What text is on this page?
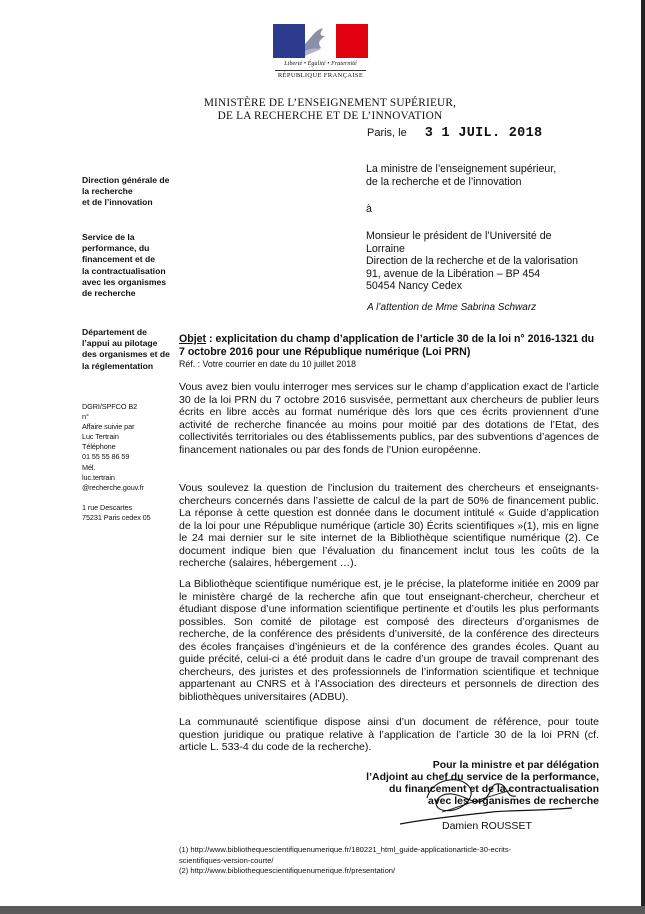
Liberté • Égalité • Fraternité
RÉPUBLIQUE FRANÇAISE
MINISTÈRE DE L’ENSEIGNEMENT SUPÉRIEUR,
DE LA RECHERCHE ET DE L’INNOVATION
Paris, le 3 1 JUIL. 2018
La ministre de l’enseignement supérieur,
de la recherche et de l’innovation
à
Monsieur le président de l’Université de
Lorraine
Direction de la recherche et de la valorisation
91, avenue de la Libération – BP 454
50454 Nancy Cedex
A l’attention de Mme Sabrina Schwarz
Direction générale de
la recherche
et de l’innovation
Service de la
performance, du
financement et de
la contractualisation
avec les organismes
de recherche
Département de
l’appui au pilotage
des organismes et de
la réglementation
DGRI/SPFCO B2
n°
Affaire suivie par
Luc Tertrain
Téléphone
01 55 55 86 59
Mél.
luc.tertrain
@recherche.gouv.fr
1 rue Descartes
75231 Paris cedex 05
Objet : explicitation du champ d’application de l’article 30 de la loi n° 2016-1321 du 7 octobre 2016 pour une République numérique (Loi PRN)
Réf. : Votre courrier en date du 10 juillet 2018
Vous avez bien voulu interroger mes services sur le champ d’application exact de l’article 30 de la loi PRN du 7 octobre 2016 susvisée, permettant aux chercheurs de publier leurs écrits en libre accès au format numérique dès lors que ces écrits proviennent d’une activité de recherche financée au moins pour moitié par des dotations de l’Etat, des collectivités territoriales ou des établissements publics, par des subventions d’agences de financement nationales ou par des fonds de l’Union européenne.
Vous soulevez la question de l’inclusion du traitement des chercheurs et enseignants-chercheurs concernés dans l’assiette de calcul de la part de 50% de financement public. La réponse à cette question est donnée dans le document intitulé « Guide d’application de la loi pour une République numérique (article 30) Écrits scientifiques »(1), mis en ligne le 24 mai dernier sur le site internet de la Bibliothèque scientifique numérique (2). Ce document indique bien que l’évaluation du financement inclut tous les coûts de la recherche (salaires, hébergement …).
La Bibliothèque scientifique numérique est, je le précise, la plateforme initiée en 2009 par le ministère chargé de la recherche afin que tout enseignant-chercheur, chercheur et étudiant dispose d’une information scientifique pertinente et d’outils les plus performants possibles. Son comité de pilotage est composé des directeurs d’organismes de recherche, de la conférence des présidents d’université, de la conférence des directeurs des écoles françaises d’ingénieurs et de la conférence des grandes écoles. Quant au guide précité, celui-ci a été produit dans le cadre d’un groupe de travail comprenant des chercheurs, des juristes et des professionnels de l’information scientifique et technique appartenant au CNRS et à l’Association des directeurs et personnels de direction des bibliothèques universitaires (ADBU).
La communauté scientifique dispose ainsi d’un document de référence, pour toute question juridique ou pratique relative à l’application de l’article 30 de la loi PRN (cf. article L. 533-4 du code de la recherche).
Pour la ministre et par délégation
l’Adjoint au chef du service de la performance,
du financement et de la contractualisation
avec les organismes de recherche
Damien ROUSSET
(1) http://www.bibliothequescientifiquenumerique.fr/180221_html_guide-applicationarticle-30-ecrits-
scientifiques-version-courte/
(2) http://www.bibliothequescientifiquenumerique.fr/presentation/
